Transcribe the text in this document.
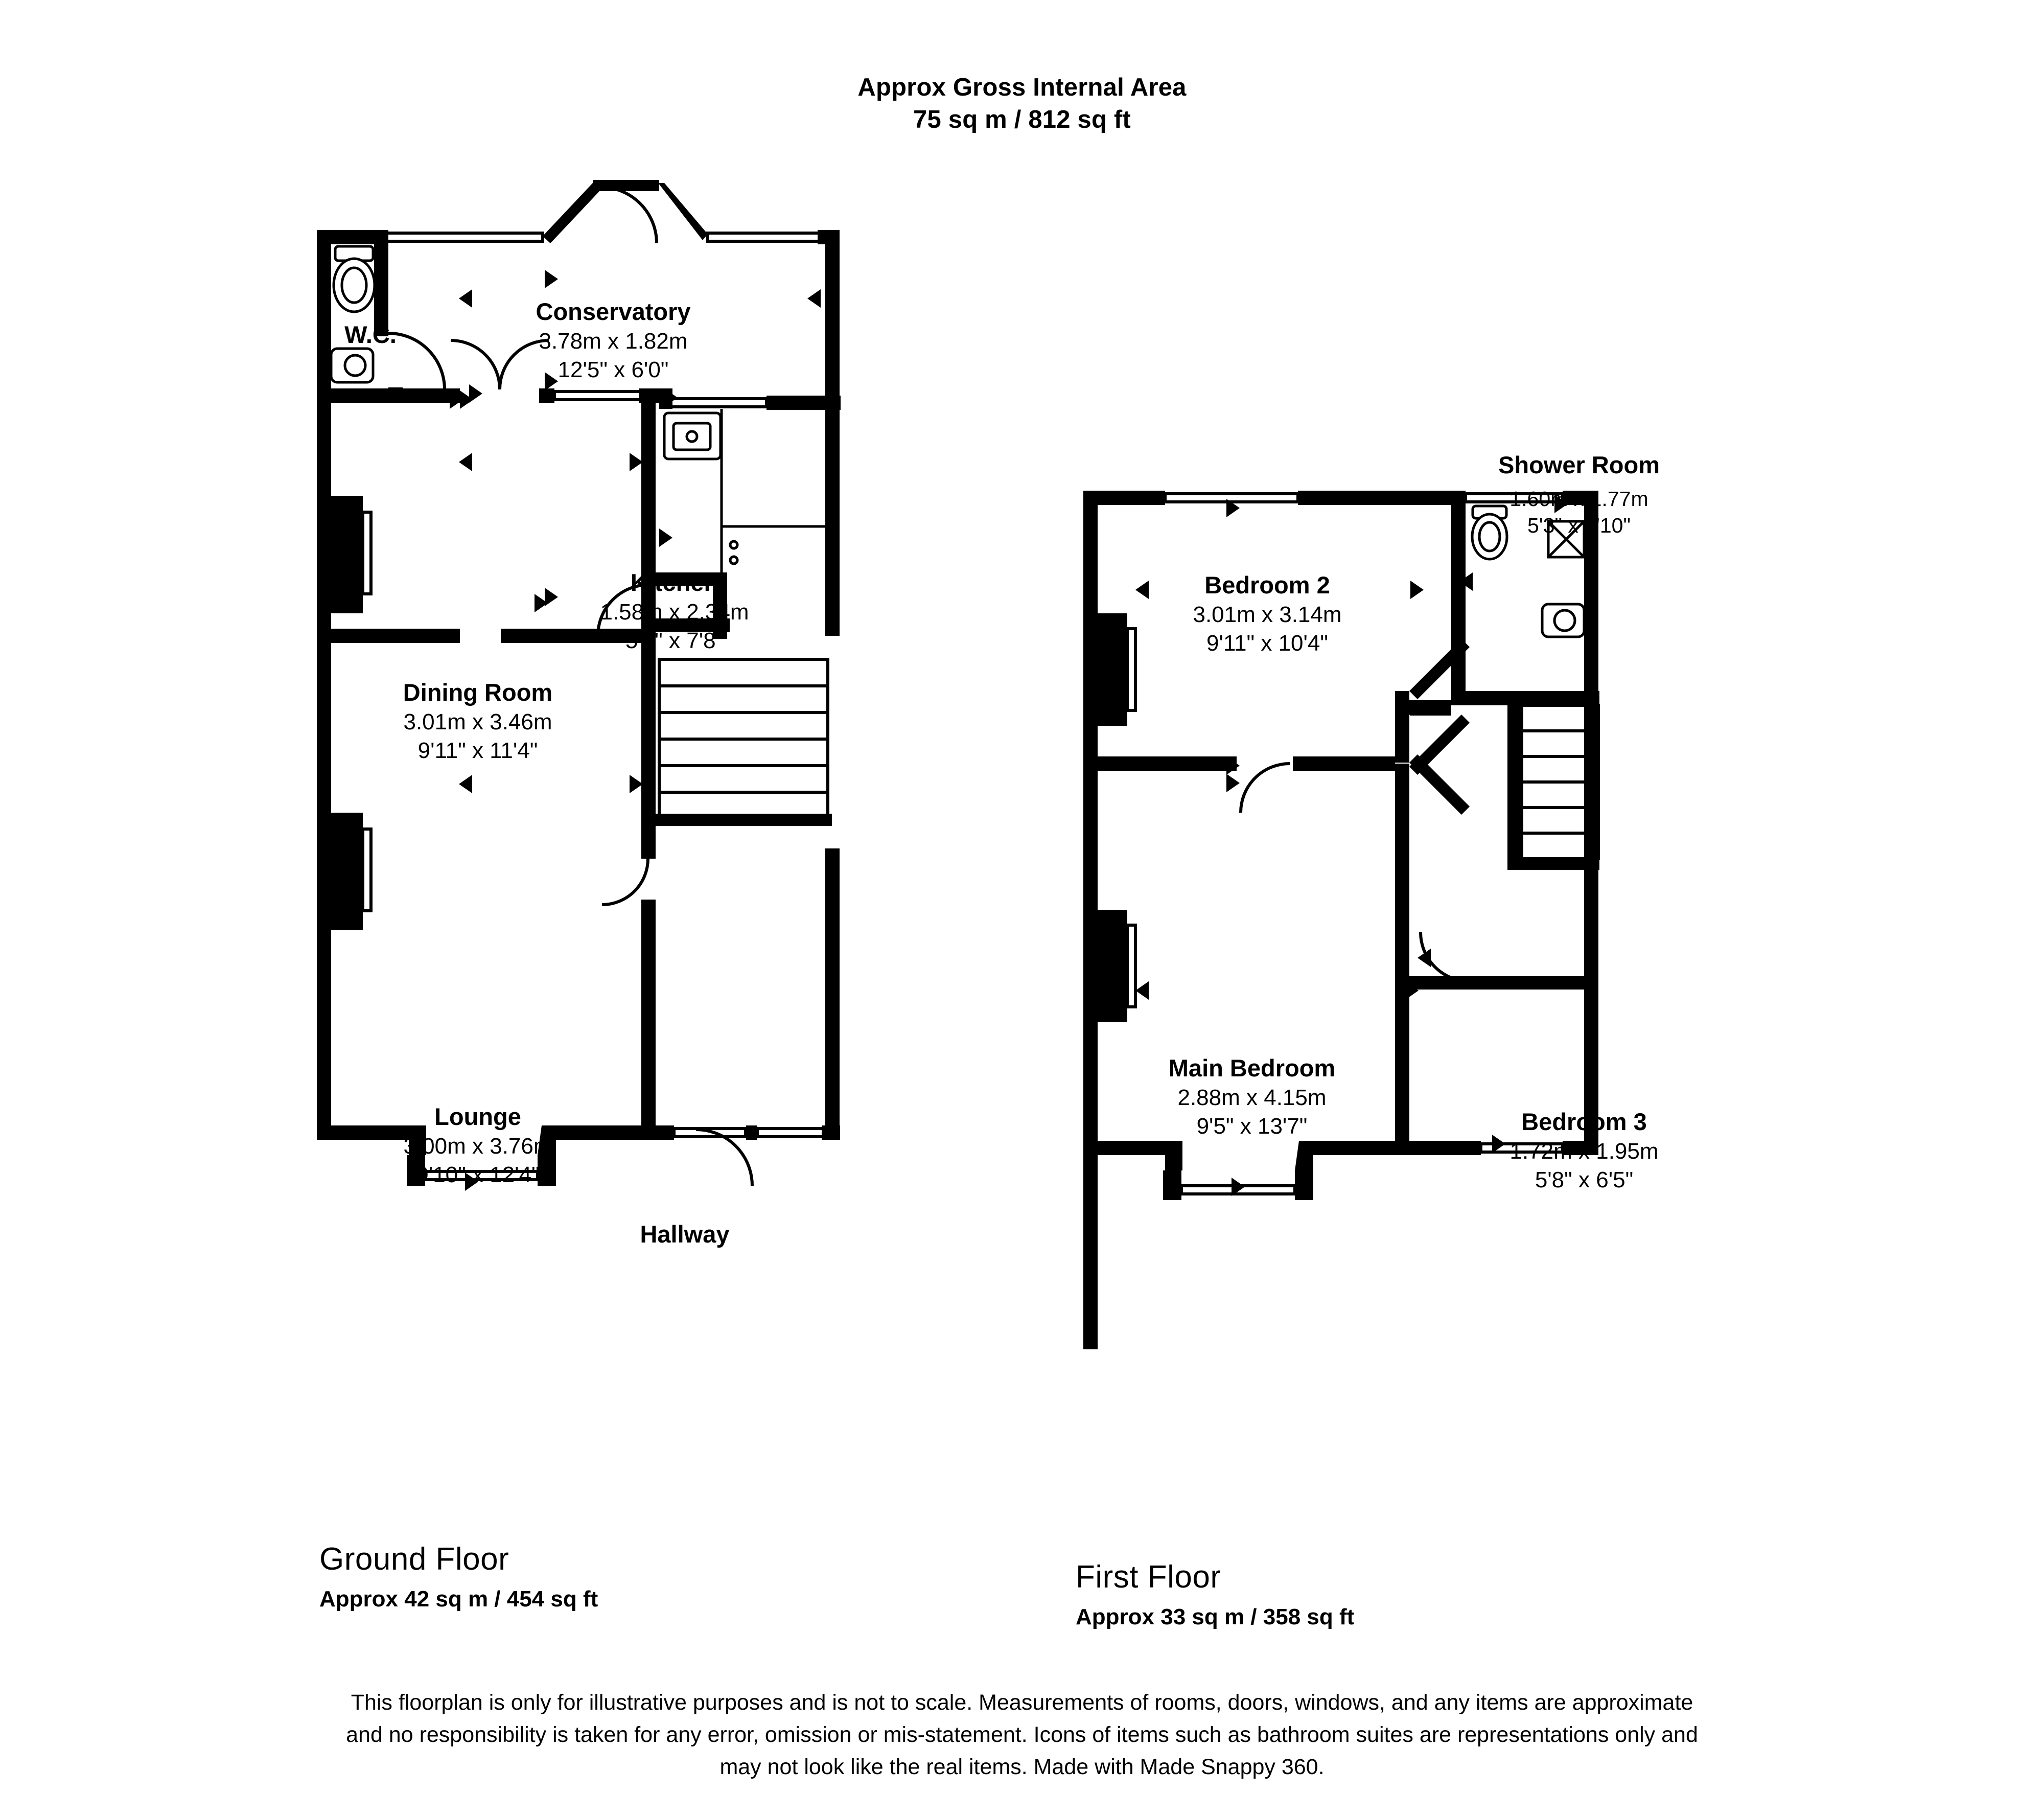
Approx Gross Internal Area
75 sq m / 812 sq ft
W.C.
Conservatory
3.78m x 1.82m
12'5" x 6'0"
Kitchen
1.58m x 2.34m
5'2" x 7'8"
Dining Room
3.01m x 3.46m
9'11" x 11'4"
Lounge
3.00m x 3.76m
9'10" x 12'4"
Hallway
Shower Room
1.60m x 1.77m
5'3" x 5'10"
Bedroom 2
3.01m x 3.14m
9'11" x 10'4"
Main Bedroom
2.88m x 4.15m
9'5" x 13'7"	Bedroom 3
1.72m x 1.95m
5'8" x 6'5"
Ground Floor
Approx 42 sq m / 454 sq ft
First Floor
Approx 33 sq m / 358 sq ft
This floorplan is only for illustrative purposes and is not to scale. Measurements of rooms, doors, windows, and any items are approximate
and no responsibility is taken for any error, omission or mis-statement. Icons of items such as bathroom suites are representations only and
may not look like the real items. Made with Made Snappy 360.
